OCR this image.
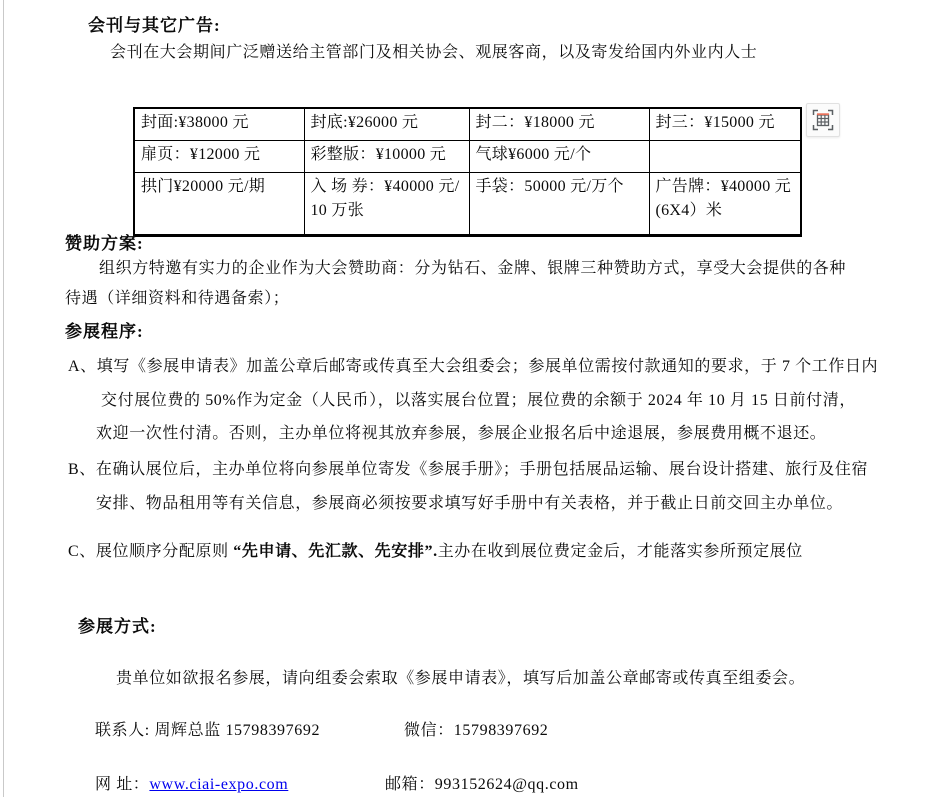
会刊与其它广告:
会刊在大会期间广泛赠送给主管部门及相关协会、观展客商，以及寄发给国内外业内人士
封面:¥38000 元	封底:¥26000 元	封二：¥18000 元	封三：¥15000 元
扉页：¥12000 元	彩整版：¥10000 元	气球¥6000 元/个	
拱门¥20000 元/期	入 场 券：¥40000 元/10 万张	手袋：50000 元/万个	广告牌：¥40000 元 (6X4）米
赞助方案:
组织方特邀有实力的企业作为大会赞助商：分为钻石、金牌、银牌三种赞助方式，享受大会提供的各种
待遇（详细资料和待遇备索）；
参展程序:
A、填写《参展申请表》加盖公章后邮寄或传真至大会组委会；参展单位需按付款通知的要求，于 7 个工作日内
交付展位费的 50%作为定金（人民币），以落实展台位置；展位费的余额于 2024 年 10 月 15 日前付清，
欢迎一次性付清。否则，主办单位将视其放弃参展，参展企业报名后中途退展，参展费用概不退还。
B、在确认展位后，主办单位将向参展单位寄发《参展手册》；手册包括展品运输、展台设计搭建、旅行及住宿
安排、物品租用等有关信息，参展商必须按要求填写好手册中有关表格，并于截止日前交回主办单位。
C、展位顺序分配原则 “先申请、先汇款、先安排”.主办在收到展位费定金后，才能落实参所预定展位
参展方式:
贵单位如欲报名参展，请向组委会索取《参展申请表》，填写后加盖公章邮寄或传真至组委会。
联系人: 周辉总监 15798397692	微信：15798397692
网 址：www.ciai-expo.com	邮箱：993152624@qq.com
